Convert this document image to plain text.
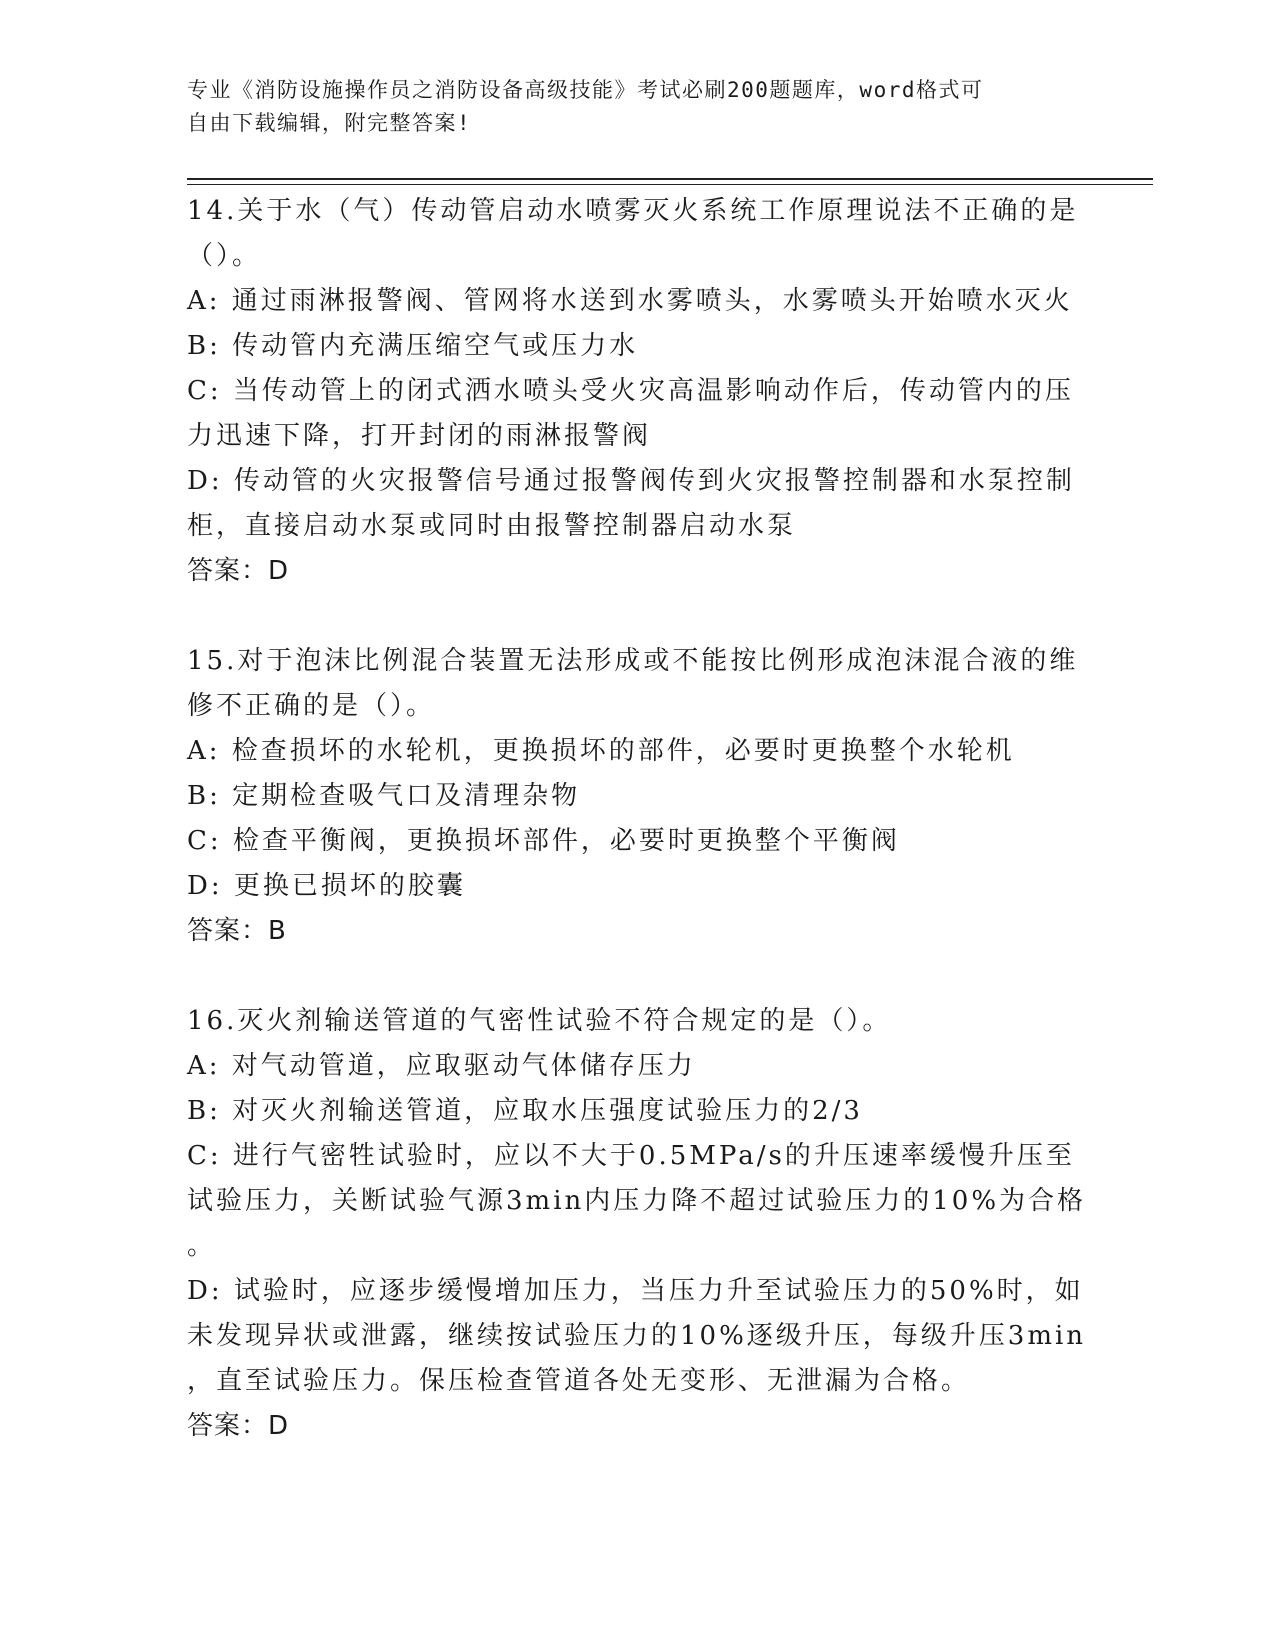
专业《消防设施操作员之消防设备高级技能》考试必刷200题题库，word格式可
自由下载编辑，附完整答案!

14.关于水（气）传动管启动水喷雾灭火系统工作原理说法不正确的是

（）。

A: 通过雨淋报警阀、管网将水送到水雾喷头，水雾喷头开始喷水灭火

B: 传动管内充满压缩空气或压力水

C: 当传动管上的闭式洒水喷头受火灾高温影响动作后，传动管内的压

力迅速下降，打开封闭的雨淋报警阀

D: 传动管的火灾报警信号通过报警阀传到火灾报警控制器和水泵控制

柜，直接启动水泵或同时由报警控制器启动水泵

答案：D

15.对于泡沫比例混合装置无法形成或不能按比例形成泡沫混合液的维

修不正确的是（）。

A: 检查损坏的水轮机，更换损坏的部件，必要时更换整个水轮机

B: 定期检查吸气口及清理杂物

C: 检查平衡阀，更换损坏部件，必要时更换整个平衡阀

D: 更换已损坏的胶囊

答案：B

16.灭火剂输送管道的气密性试验不符合规定的是（）。

A: 对气动管道，应取驱动气体储存压力

B: 对灭火剂输送管道，应取水压强度试验压力的2/3

C: 进行气密牲试验时，应以不大于0.5MPa/s的升压速率缓慢升压至

试验压力，关断试验气源3min内压力降不超过试验压力的10%为合格

。

D: 试验时，应逐步缓慢增加压力，当压力升至试验压力的50%时，如

未发现异状或泄露，继续按试验压力的10%逐级升压，每级升压3min

，直至试验压力。保压检查管道各处无变形、无泄漏为合格。

答案：D
